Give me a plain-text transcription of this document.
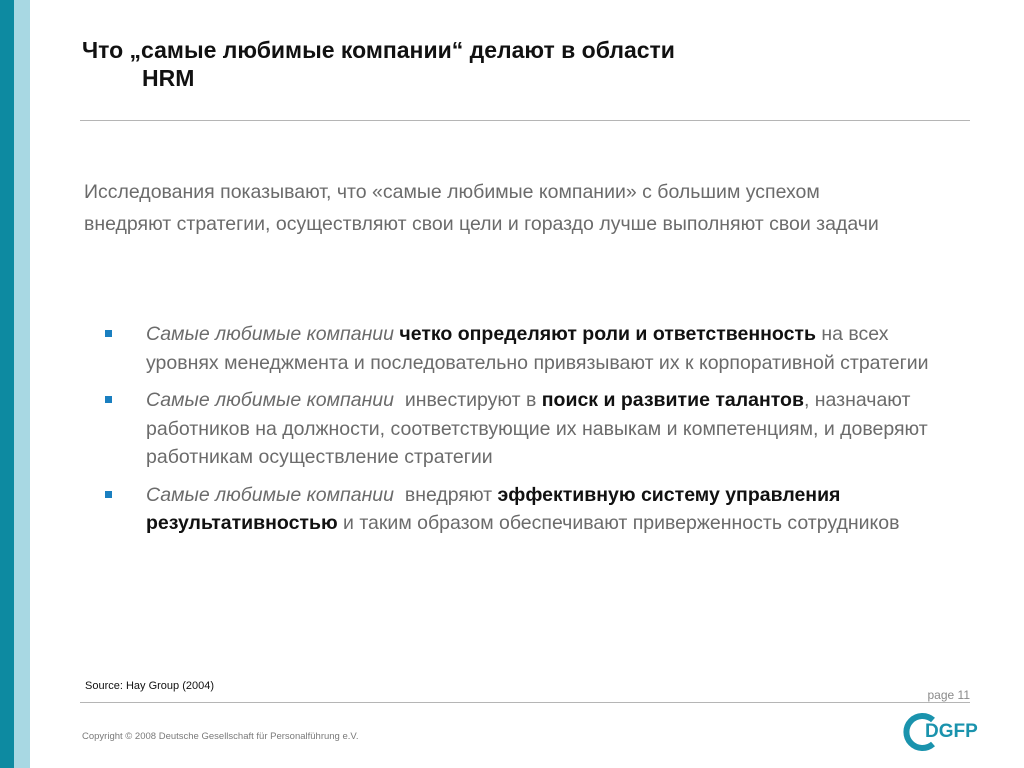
Что „самые любимые компании“ делают в области
HRM
Исследования показывают, что «самые любимые компании» с большим успехом внедряют стратегии, осуществляют свои цели и гораздо лучше выполняют свои задачи
Самые любимые компании четко определяют роли и ответственность на всех уровнях менеджмента и последовательно привязывают их к корпоративной стратегии
Самые любимые компании  инвестируют в поиск и развитие талантов, назначают работников на должности, соответствующие их навыкам и компетенциям, и доверяют работникам осуществление стратегии
Самые любимые компании  внедряют эффективную систему управления результативностью и таким образом обеспечивают приверженность сотрудников
Source: Hay Group (2004)
page 11
Copyright © 2008 Deutsche Gesellschaft für Personalführung e.V.	DGFP
